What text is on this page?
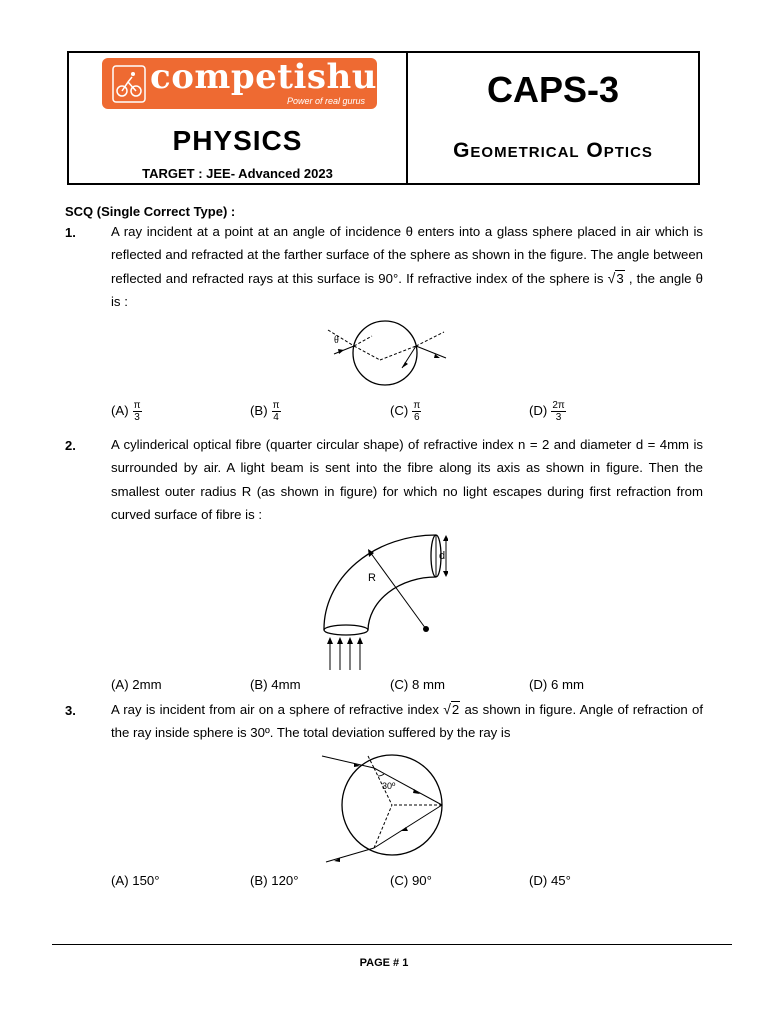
competishun
Power of real gurus
PHYSICS
TARGET : JEE- Advanced 2023
CAPS-3
Geometrical Optics
SCQ (Single Correct Type) :
1.	A ray incident at a point at an angle of incidence θ enters into a glass sphere placed in air which is reflected and refracted at the farther surface of the sphere as shown in the figure. The angle between reflected and refracted rays at this surface is 90°. If refractive index of the sphere is √3 , the angle θ is :
θ
$(A) \frac{\pi}{3}$	$(B) \frac{\pi}{4}$	$(C) \frac{\pi}{6}$	$(D) \frac{2\pi}{3}$
2.	A cylinderical optical fibre (quarter circular shape) of refractive index n = 2 and diameter d = 4mm is surrounded by air. A light beam is sent into the fibre along its axis as shown in figure. Then the smallest outer radius R (as shown in figure) for which no light escapes during first refraction from curved surface of fibre is :
d
R
(A) 2mm	(B) 4mm	(C) 8 mm	(D) 6 mm
3.	A ray is incident from air on a sphere of refractive index √2 as shown in figure. Angle of refraction of the ray inside sphere is 30º. The total deviation suffered by the ray is
30º
(A) 150°	(B) 120°	(C) 90°	(D) 45°
PAGE # 1
